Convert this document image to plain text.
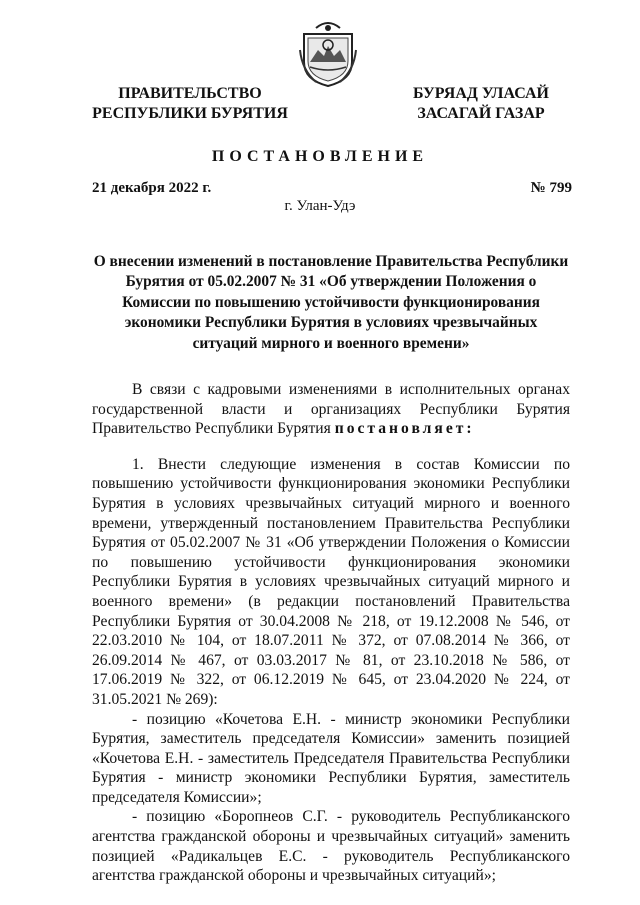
ПРАВИТЕЛЬСТВО
РЕСПУБЛИКИ БУРЯТИЯ
БУРЯАД УЛАСАЙ
ЗАСАГАЙ ГАЗАР
ПОСТАНОВЛЕНИЕ
21 декабря 2022 г.	№ 799
г. Улан-Удэ
О внесении изменений в постановление Правительства Республики Бурятия от 05.02.2007 № 31 «Об утверждении Положения о Комиссии по повышению устойчивости функционирования экономики Республики Бурятия в условиях чрезвычайных ситуаций мирного и военного времени»

В связи с кадровыми изменениями в исполнительных органах государственной власти и организациях Республики Бурятия Правительство Республики Бурятия постановляет:

1. Внести следующие изменения в состав Комиссии по повышению устойчивости функционирования экономики Республики Бурятия в условиях чрезвычайных ситуаций мирного и военного времени, утвержденный постановлением Правительства Республики Бурятия от 05.02.2007 № 31 «Об утверждении Положения о Комиссии по повышению устойчивости функционирования экономики Республики Бурятия в условиях чрезвычайных ситуаций мирного и военного времени» (в редакции постановлений Правительства Республики Бурятия от 30.04.2008 № 218, от 19.12.2008 № 546, от 22.03.2010 № 104, от 18.07.2011 № 372, от 07.08.2014 № 366, от 26.09.2014 № 467, от 03.03.2017 № 81, от 23.10.2018 № 586, от 17.06.2019 № 322, от 06.12.2019 № 645, от 23.04.2020 № 224, от 31.05.2021 № 269):

- позицию «Кочетова Е.Н. - министр экономики Республики Бурятия, заместитель председателя Комиссии» заменить позицией «Кочетова Е.Н. - заместитель Председателя Правительства Республики Бурятия - министр экономики Республики Бурятия, заместитель председателя Комиссии»;

- позицию «Боропнеов С.Г. - руководитель Республиканского агентства гражданской обороны и чрезвычайных ситуаций» заменить позицией «Радикальцев Е.С. - руководитель Республиканского агентства гражданской обороны и чрезвычайных ситуаций»;
